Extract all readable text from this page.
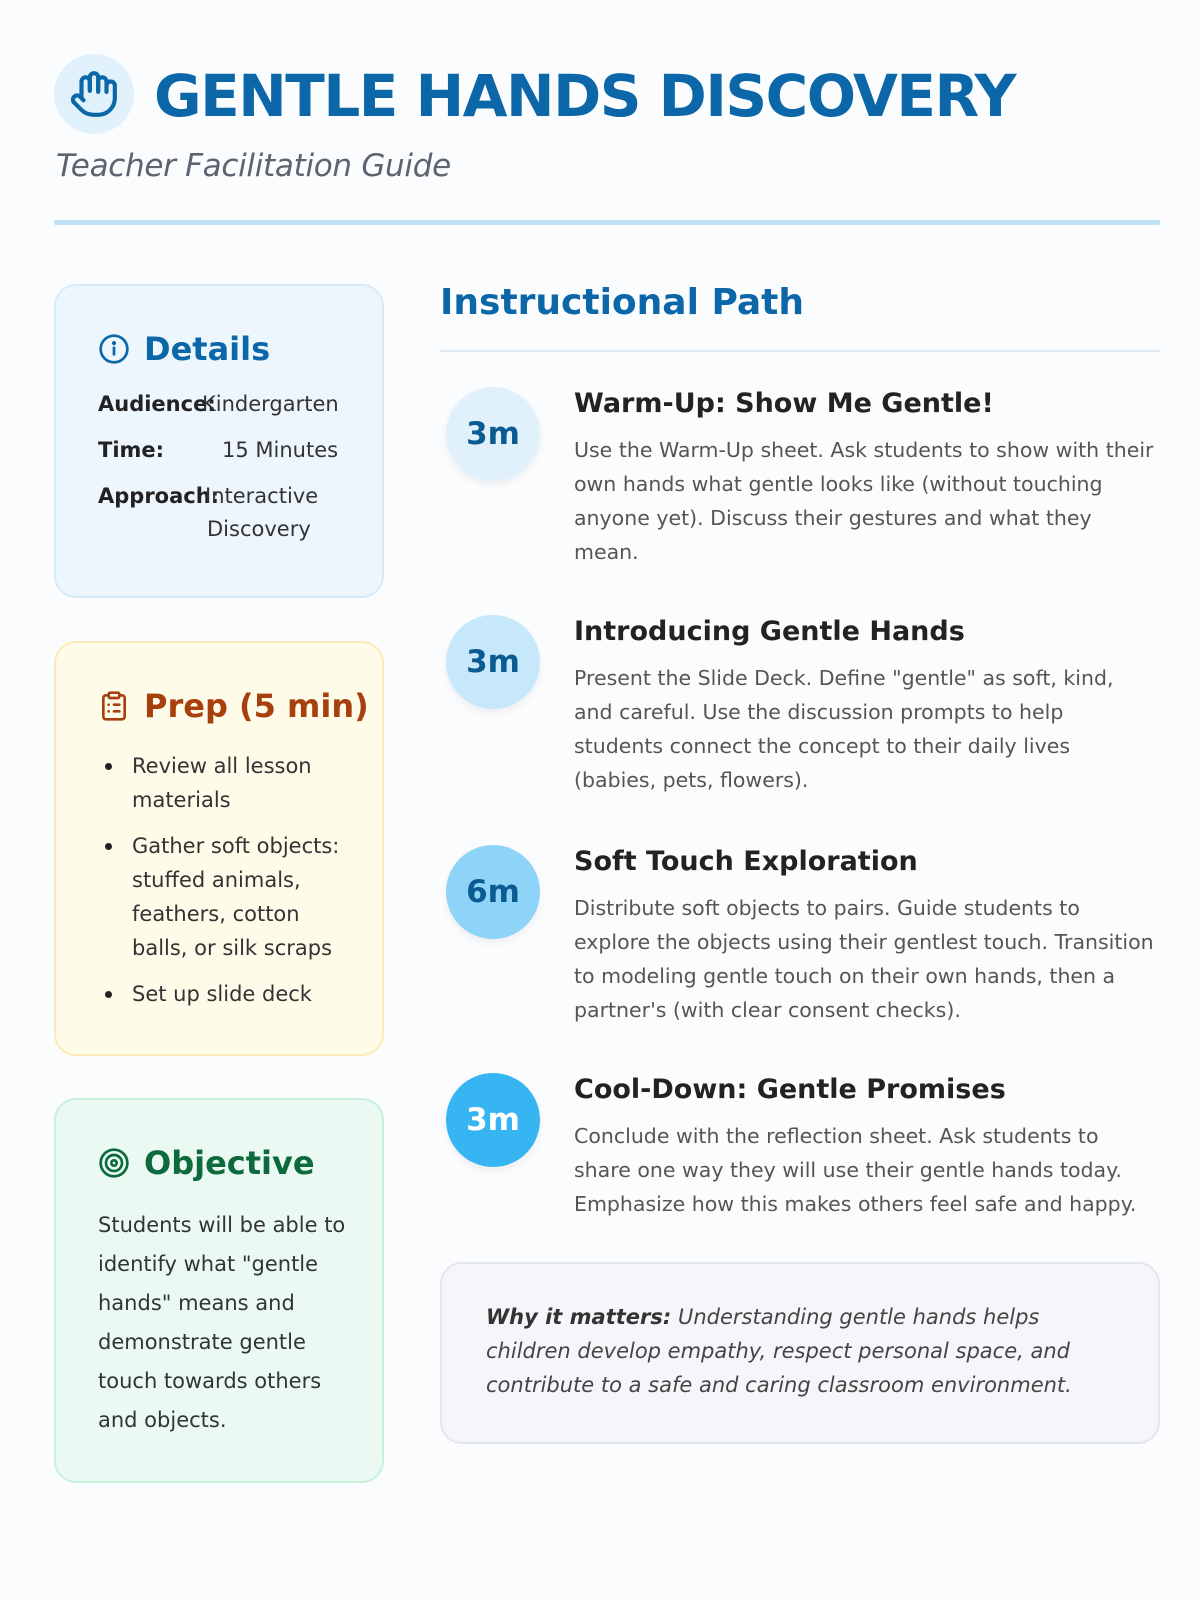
GENTLE HANDS DISCOVERY
Teacher Facilitation Guide
Details
Audience:
Kindergarten
Time:	15 Minutes
Approach:
Interactive
Discovery
Prep (5 min)
Review all lesson materials
Gather soft objects: stuffed animals, feathers, cotton balls, or silk scraps
Set up slide deck
Objective
Students will be able to identify what "gentle hands" means and demonstrate gentle touch towards others and objects.
Instructional Path
3m
Warm-Up: Show Me Gentle!
Use the Warm-Up sheet. Ask students to show with their own hands what gentle looks like (without touching anyone yet). Discuss their gestures and what they mean.
3m
Introducing Gentle Hands
Present the Slide Deck. Define "gentle" as soft, kind, and careful. Use the discussion prompts to help students connect the concept to their daily lives (babies, pets, flowers).
6m
Soft Touch Exploration
Distribute soft objects to pairs. Guide students to explore the objects using their gentlest touch. Transition to modeling gentle touch on their own hands, then a partner's (with clear consent checks).
3m
Cool-Down: Gentle Promises
Conclude with the reflection sheet. Ask students to share one way they will use their gentle hands today. Emphasize how this makes others feel safe and happy.
Why it matters: Understanding gentle hands helps children develop empathy, respect personal space, and contribute to a safe and caring classroom environment.
